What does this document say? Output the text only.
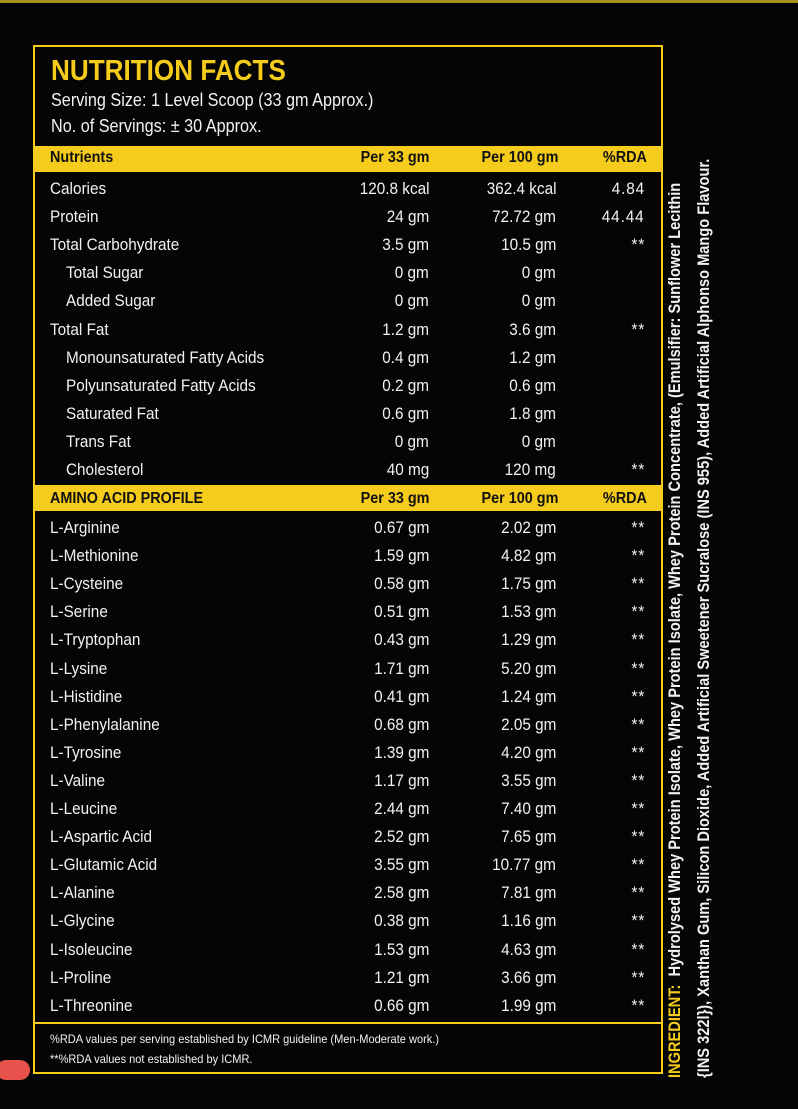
NUTRITION FACTS
Serving Size: 1 Level Scoop (33 gm Approx.)
No. of Servings: ± 30 Approx.
Nutrients	Per 33 gm	Per 100 gm	%RDA
Calories	120.8 kcal	362.4 kcal	4.84
Protein	24 gm	72.72 gm	44.44
Total Carbohydrate	3.5 gm	10.5 gm	**
Total Sugar	0 gm	0 gm
Added Sugar	0 gm	0 gm
Total Fat	1.2 gm	3.6 gm	**
Monounsaturated Fatty Acids	0.4 gm	1.2 gm
Polyunsaturated Fatty Acids	0.2 gm	0.6 gm
Saturated Fat	0.6 gm	1.8 gm
Trans Fat	0 gm	0 gm
Cholesterol	40 mg	120 mg	**
AMINO ACID PROFILE	Per 33 gm	Per 100 gm	%RDA
L-Arginine	0.67 gm	2.02 gm	**
L-Methionine	1.59 gm	4.82 gm	**
L-Cysteine	0.58 gm	1.75 gm	**
L-Serine	0.51 gm	1.53 gm	**
L-Tryptophan	0.43 gm	1.29 gm	**
L-Lysine	1.71 gm	5.20 gm	**
L-Histidine	0.41 gm	1.24 gm	**
L-Phenylalanine	0.68 gm	2.05 gm	**
L-Tyrosine	1.39 gm	4.20 gm	**
L-Valine	1.17 gm	3.55 gm	**
L-Leucine	2.44 gm	7.40 gm	**
L-Aspartic Acid	2.52 gm	7.65 gm	**
L-Glutamic Acid	3.55 gm	10.77 gm	**
L-Alanine	2.58 gm	7.81 gm	**
L-Glycine	0.38 gm	1.16 gm	**
L-Isoleucine	1.53 gm	4.63 gm	**
L-Proline	1.21 gm	3.66 gm	**
L-Threonine	0.66 gm	1.99 gm	**
%RDA values per serving established by ICMR guideline (Men-Moderate work.)
**%RDA values not established by ICMR.	INGREDIENT:  Hydrolysed Whey Protein Isolate, Whey Protein Isolate, Whey Protein Concentrate, (Emulsifier: Sunflower Lecithin {INS 322l}), Xanthan Gum, Silicon Dioxide, Added Artificial Sweetener Sucralose (INS 955), Added Artificial Alphonso Mango Flavour.
